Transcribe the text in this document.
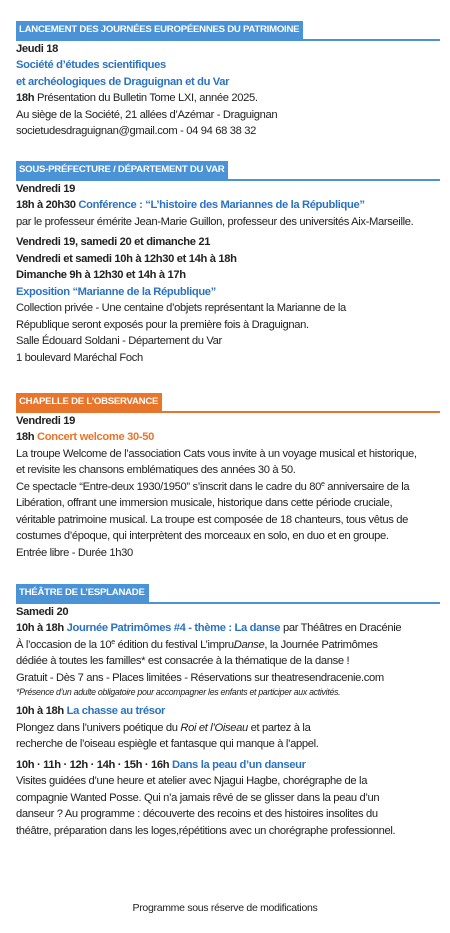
LANCEMENT DES JOURNÉES EUROPÉENNES DU PATRIMOINE
Jeudi 18
Société d’études scientifiques
et archéologiques de Draguignan et du Var
18h Présentation du Bulletin Tome LXI, année 2025.
Au siège de la Société, 21 allées d’Azémar - Draguignan
societudesdraguignan@gmail.com - 04 94 68 38 32
SOUS-PRÉFECTURE / DÉPARTEMENT DU VAR
Vendredi 19
18h à 20h30 Conférence : “L’histoire des Mariannes de la République”
par le professeur émérite Jean-Marie Guillon, professeur des universités Aix-Marseille.
Vendredi 19, samedi 20 et dimanche 21
Vendredi et samedi 10h à 12h30 et 14h à 18h
Dimanche 9h à 12h30 et 14h à 17h
Exposition “Marianne de la République”
Collection privée - Une centaine d’objets représentant la Marianne de la
République seront exposés pour la première fois à Draguignan.
Salle Édouard Soldani - Département du Var
1 boulevard Maréchal Foch
CHAPELLE DE L’OBSERVANCE
Vendredi 19
18h Concert welcome 30-50
La troupe Welcome de l’association Cats vous invite à un voyage musical et historique,
et revisite les chansons emblématiques des années 30 à 50.
Ce spectacle “Entre-deux 1930/1950” s’inscrit dans le cadre du 80e anniversaire de la
Libération, offrant une immersion musicale, historique dans cette période cruciale,
véritable patrimoine musical. La troupe est composée de 18 chanteurs, tous vêtus de
costumes d’époque, qui interprètent des morceaux en solo, en duo et en groupe.
Entrée libre - Durée 1h30
THÉÂTRE DE L’ESPLANADE
Samedi 20
10h à 18h Journée Patrimômes #4 - thème : La danse par Théâtres en Dracénie
À l’occasion de la 10e édition du festival L’impruDanse, la Journée Patrimômes
dédiée à toutes les familles* est consacrée à la thématique de la danse !
Gratuit - Dès 7 ans - Places limitées - Réservations sur theatresendracenie.com
*Présence d’un adulte obligatoire pour accompagner les enfants et participer aux activités.
10h à 18h La chasse au trésor
Plongez dans l’univers poétique du Roi et l’Oiseau et partez à la
recherche de l’oiseau espiègle et fantasque qui manque à l’appel.
10h · 11h · 12h · 14h · 15h · 16h Dans la peau d’un danseur
Visites guidées d’une heure et atelier avec Njagui Hagbe, chorégraphe de la
compagnie Wanted Posse. Qui n’a jamais rêvé de se glisser dans la peau d’un
danseur ? Au programme : découverte des recoins et des histoires insolites du
théâtre, préparation dans les loges,répétitions avec un chorégraphe professionnel.
Programme sous réserve de modifications
